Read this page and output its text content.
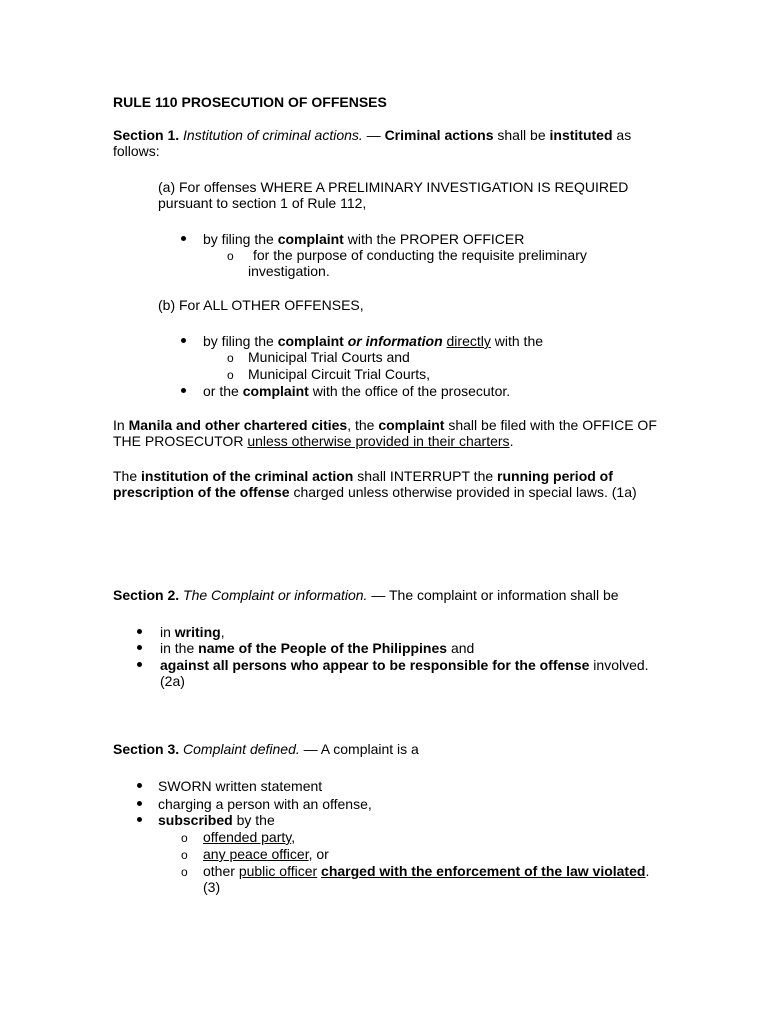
RULE 110 PROSECUTION OF OFFENSES
Section 1. Institution of criminal actions. — Criminal actions shall be instituted as
follows:
(a) For offenses WHERE A PRELIMINARY INVESTIGATION IS REQUIRED
pursuant to section 1 of Rule 112,
by filing the complaint with the PROPER OFFICER
o for the purpose of conducting the requisite preliminary
investigation.
(b) For ALL OTHER OFFENSES,
by filing the complaint or information directly with the
o Municipal Trial Courts and
o Municipal Circuit Trial Courts,
or the complaint with the office of the prosecutor.
In Manila and other chartered cities, the complaint shall be filed with the OFFICE OF
THE PROSECUTOR unless otherwise provided in their charters.
The institution of the criminal action shall INTERRUPT the running period of
prescription of the offense charged unless otherwise provided in special laws. (1a)
Section 2. The Complaint or information. — The complaint or information shall be
in writing,
in the name of the People of the Philippines and
against all persons who appear to be responsible for the offense involved.
(2a)
Section 3. Complaint defined. — A complaint is a
SWORN written statement
charging a person with an offense,
subscribed by the
o offended party,
o any peace officer, or
o other public officer charged with the enforcement of the law violated.
(3)
